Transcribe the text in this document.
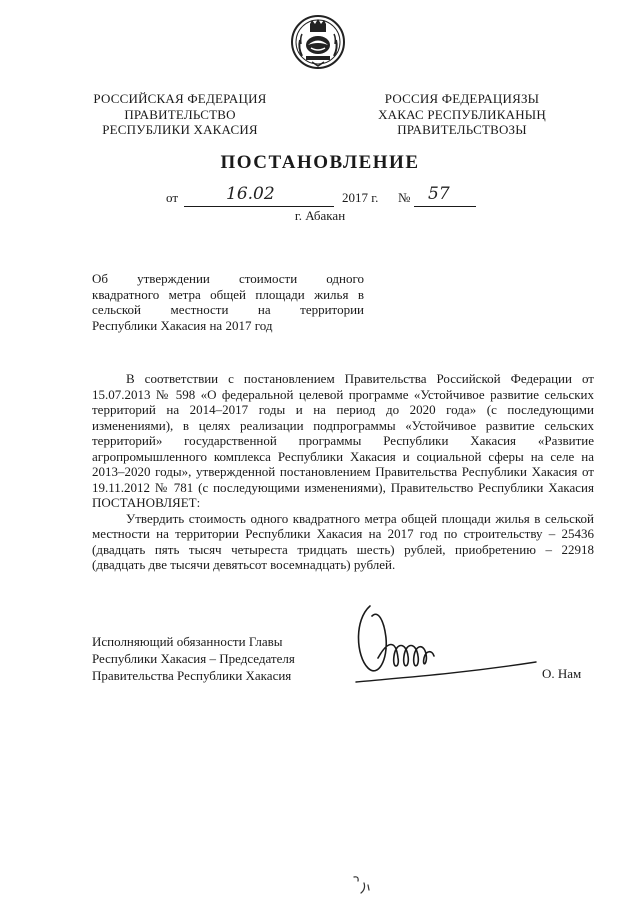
РОССИЙСКАЯ ФЕДЕРАЦИЯ
ПРАВИТЕЛЬСТВО
РЕСПУБЛИКИ ХАКАСИЯ
РОССИЯ ФЕДЕРАЦИЯЗЫ
ХАКАС РЕСПУБЛИКАНЫҢ
ПРАВИТЕЛЬСТВОЗЫ
ПОСТАНОВЛЕНИЕ
от	16.02	2017 г. № 57
г. Абакан
Об утверждении стоимости одного
квадратного метра общей площади жилья в
сельской местности на территории
Республики Хакасия на 2017 год

В соответствии с постановлением Правительства Российской Федерации от 15.07.2013 № 598 «О федеральной целевой программе «Устойчивое развитие сельских территорий на 2014–2017 годы и на период до 2020 года» (с последующими изменениями), в целях реализации подпрограммы «Устойчивое развитие сельских территорий» государственной программы Республики Хакасия «Развитие агропромышленного комплекса Республики Хакасия и социальной сферы на селе на 2013–2020 годы», утвержденной постановлением Правительства Республики Хакасия от 19.11.2012 № 781 (с последующими изменениями), Правительство Республики Хакасия ПОСТАНОВЛЯЕТ:

Утвердить стоимость одного квадратного метра общей площади жилья в сельской местности на территории Республики Хакасия на 2017 год по строительству – 25436 (двадцать пять тысяч четыреста тридцать шесть) рублей, приобретению – 22918 (двадцать две тысячи девятьсот восемнадцать) рублей.

Исполняющий обязанности Главы
Республики Хакасия – Председателя
Правительства Республики Хакасия	О. Нам
